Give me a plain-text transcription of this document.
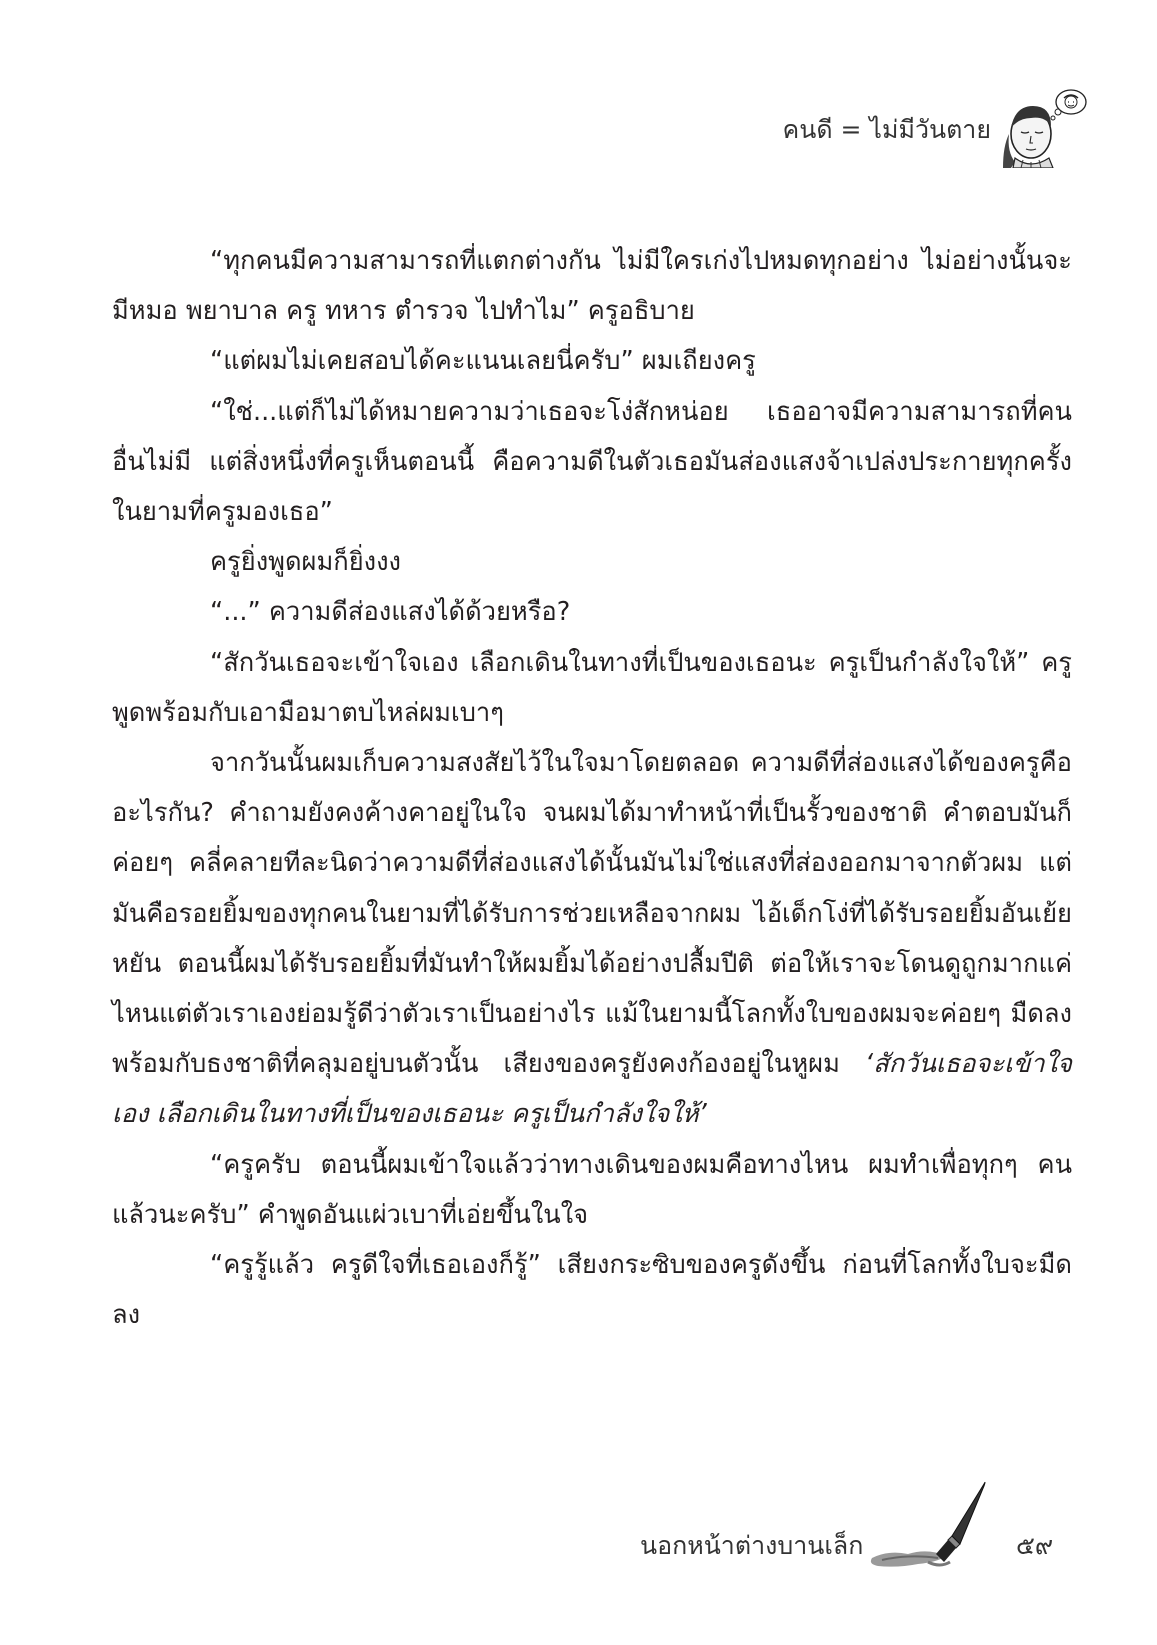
คนดี = ไม่มีวันตาย

“ทุกคนมีความสามารถที่แตกต่างกัน ไม่มีใครเก่งไปหมดทุกอย่าง ไม่อย่างนั้นจะมีหมอ พยาบาล ครู ทหาร ตำรวจ ไปทำไม” ครูอธิบาย

“แต่ผมไม่เคยสอบได้คะแนนเลยนี่ครับ” ผมเถียงครู

“ใช่...แต่ก็ไม่ได้หมายความว่าเธอจะโง่สักหน่อย เธออาจมีความสามารถที่คนอื่นไม่มี แต่สิ่งหนึ่งที่ครูเห็นตอนนี้ คือความดีในตัวเธอมันส่องแสงจ้าเปล่งประกายทุกครั้งในยามที่ครูมองเธอ”

ครูยิ่งพูดผมก็ยิ่งงง

“...” ความดีส่องแสงได้ด้วยหรือ?

“สักวันเธอจะเข้าใจเอง เลือกเดินในทางที่เป็นของเธอนะ ครูเป็นกำลังใจให้” ครูพูดพร้อมกับเอามือมาตบไหล่ผมเบาๆ

จากวันนั้นผมเก็บความสงสัยไว้ในใจมาโดยตลอด ความดีที่ส่องแสงได้ของครูคืออะไรกัน? คำถามยังคงค้างคาอยู่ในใจ จนผมได้มาทำหน้าที่เป็นรั้วของชาติ คำตอบมันก็ค่อยๆ คลี่คลายทีละนิดว่าความดีที่ส่องแสงได้นั้นมันไม่ใช่แสงที่ส่องออกมาจากตัวผม แต่มันคือรอยยิ้มของทุกคนในยามที่ได้รับการช่วยเหลือจากผม ไอ้เด็กโง่ที่ได้รับรอยยิ้มอันเย้ยหยัน ตอนนี้ผมได้รับรอยยิ้มที่มันทำให้ผมยิ้มได้อย่างปลื้มปีติ ต่อให้เราจะโดนดูถูกมากแค่ไหนแต่ตัวเราเองย่อมรู้ดีว่าตัวเราเป็นอย่างไร แม้ในยามนี้โลกทั้งใบของผมจะค่อยๆ มืดลงพร้อมกับธงชาติที่คลุมอยู่บนตัวนั้น เสียงของครูยังคงก้องอยู่ในหูผม ‘สักวันเธอจะเข้าใจเอง เลือกเดินในทางที่เป็นของเธอนะ ครูเป็นกำลังใจให้’

“ครูครับ ตอนนี้ผมเข้าใจแล้วว่าทางเดินของผมคือทางไหน ผมทำเพื่อทุกๆ คนแล้วนะครับ” คำพูดอันแผ่วเบาที่เอ่ยขึ้นในใจ

“ครูรู้แล้ว ครูดีใจที่เธอเองก็รู้” เสียงกระซิบของครูดังขึ้น ก่อนที่โลกทั้งใบจะมืดลง

นอกหน้าต่างบานเล็ก	๕๙
